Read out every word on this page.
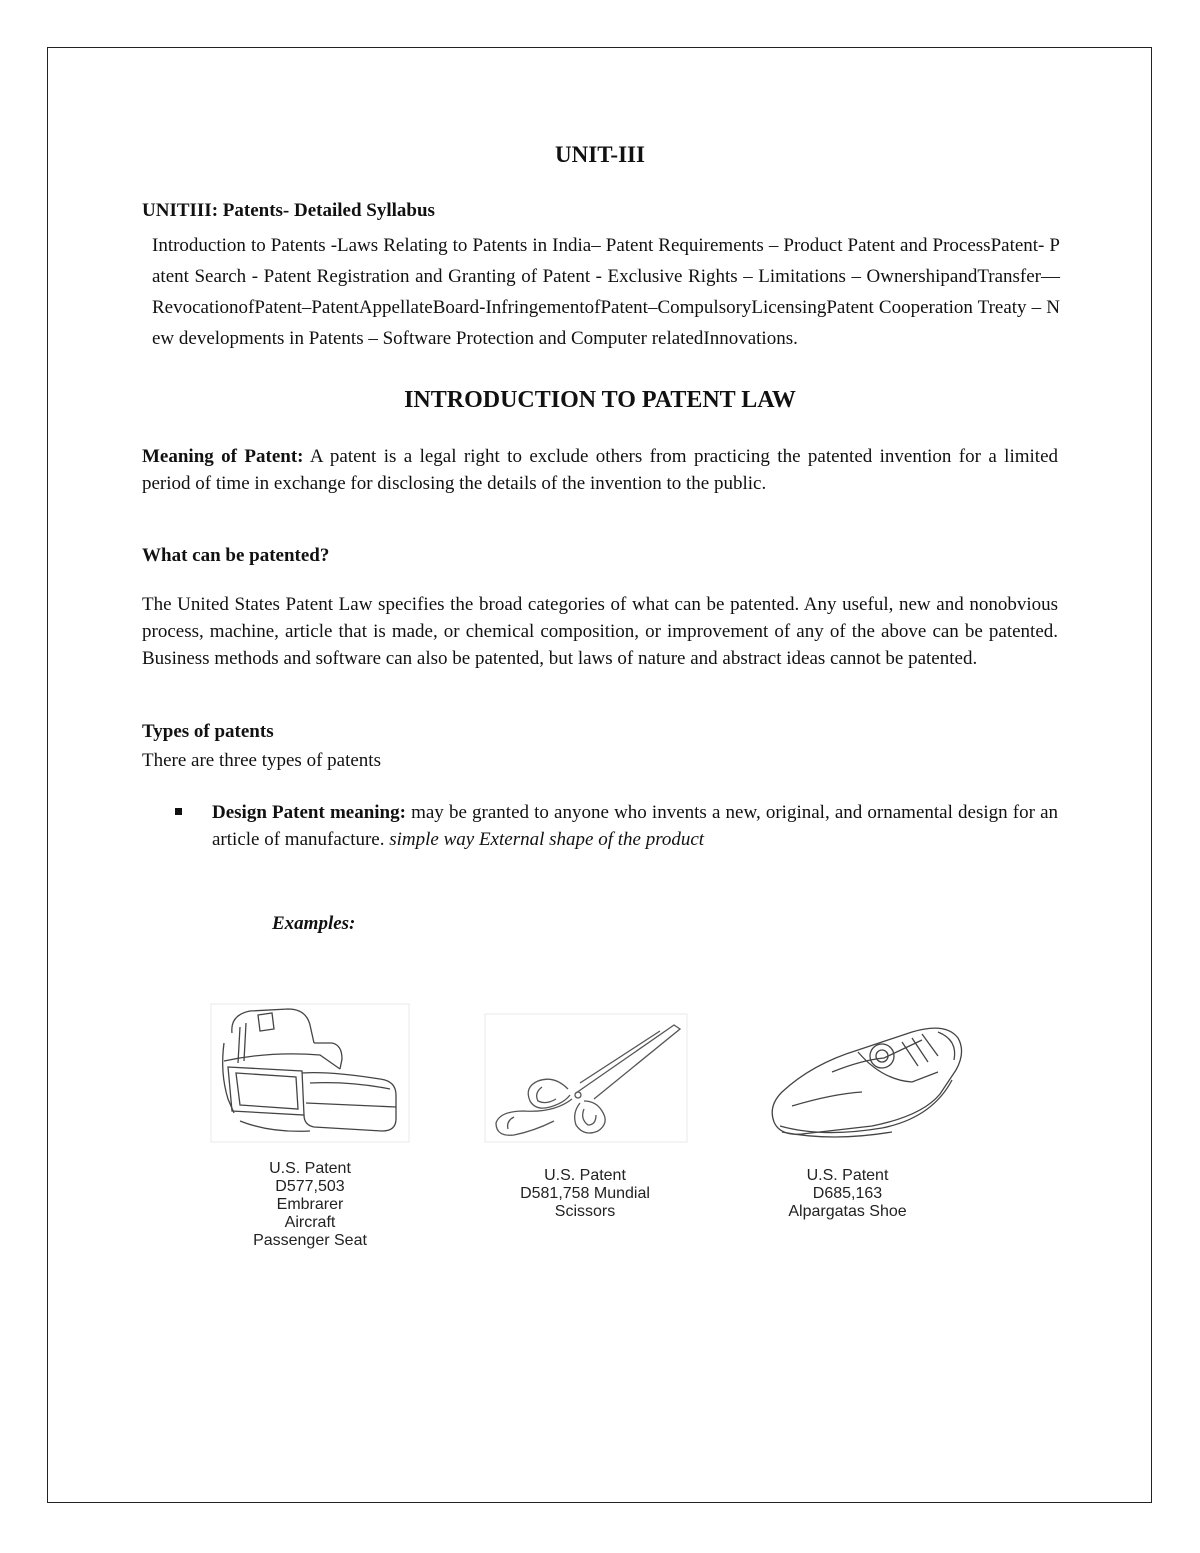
UNIT-III
UNITIII: Patents- Detailed Syllabus
Introduction to Patents -Laws Relating to Patents in India– Patent Requirements – Product Patent and ProcessPatent- Patent Search - Patent Registration and Granting of Patent - Exclusive Rights – Limitations – OwnershipandTransfer––RevocationofPatent–PatentAppellateBoard-InfringementofPatent–CompulsoryLicensingPatent Cooperation Treaty – New developments in Patents – Software Protection and Computer relatedInnovations.
INTRODUCTION TO PATENT LAW
Meaning of Patent: A patent is a legal right to exclude others from practicing the patented invention for a limited period of time in exchange for disclosing the details of the invention to the public.
What can be patented?
The United States Patent Law specifies the broad categories of what can be patented. Any useful, new and nonobvious process, machine, article that is made, or chemical composition, or improvement of any of the above can be patented. Business methods and software can also be patented, but laws of nature and abstract ideas cannot be patented.
Types of patents
There are three types of patents
Design Patent meaning: may be granted to anyone who invents a new, original, and ornamental design for an article of manufacture. simple way External shape of the product
Examples:
U.S. Patent
D577,503
Embrarer
Aircraft
Passenger Seat
U.S. Patent
D581,758 Mundial
Scissors
U.S. Patent
D685,163
Alpargatas Shoe
